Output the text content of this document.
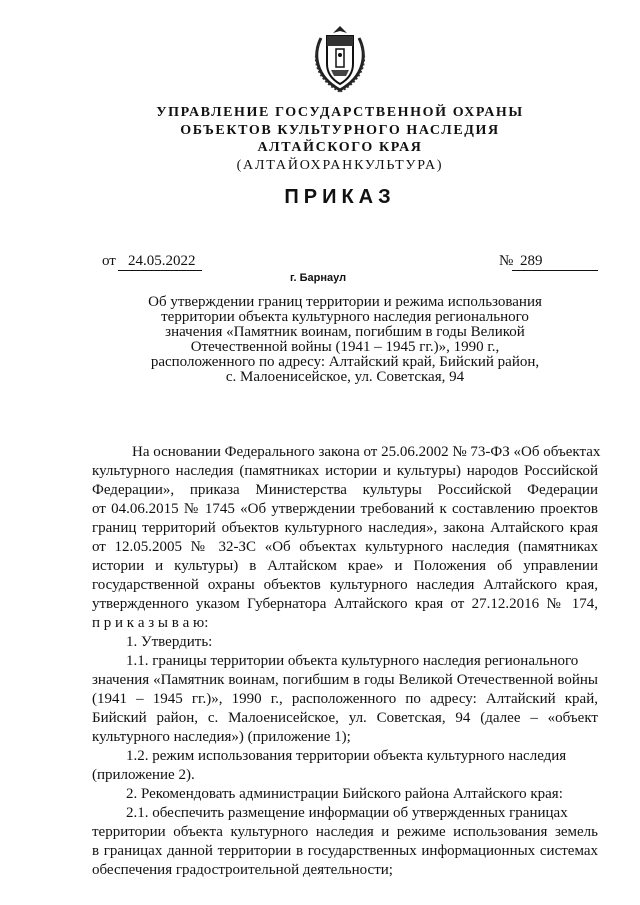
УПРАВЛЕНИЕ ГОСУДАРСТВЕННОЙ ОХРАНЫ
ОБЪЕКТОВ КУЛЬТУРНОГО НАСЛЕДИЯ
АЛТАЙСКОГО КРАЯ
(АЛТАЙОХРАНКУЛЬТУРА)
ПРИКАЗ
от 24.05.2022	№ 289
г. Барнаул
Об утверждении границ территории и режима использования
территории объекта культурного наследия регионального
значения «Памятник воинам, погибшим в годы Великой
Отечественной войны (1941 – 1945 гг.)», 1990 г.,
расположенного по адресу: Алтайский край, Бийский район,
с. Малоенисейское, ул. Советская, 94
На основании Федерального закона от 25.06.2002 № 73-ФЗ «Об объектах
культурного наследия (памятниках истории и культуры) народов Российской
Федерации», приказа Министерства культуры Российской Федерации
от 04.06.2015 № 1745 «Об утверждении требований к составлению проектов
границ территорий объектов культурного наследия», закона Алтайского края
от 12.05.2005 № 32-ЗС «Об объектах культурного наследия (памятниках
истории и культуры) в Алтайском крае» и Положения об управлении
государственной охраны объектов культурного наследия Алтайского края,
утвержденного указом Губернатора Алтайского края от 27.12.2016 № 174,
п р и к а з ы в а ю:
1. Утвердить:
1.1. границы территории объекта культурного наследия регионального
значения «Памятник воинам, погибшим в годы Великой Отечественной войны
(1941 – 1945 гг.)», 1990 г., расположенного по адресу: Алтайский край,
Бийский район, с. Малоенисейское, ул. Советская, 94 (далее – «объект
культурного наследия») (приложение 1);
1.2. режим использования территории объекта культурного наследия
(приложение 2).
2. Рекомендовать администрации Бийского района Алтайского края:
2.1. обеспечить размещение информации об утвержденных границах
территории объекта культурного наследия и режиме использования земель
в границах данной территории в государственных информационных системах
обеспечения градостроительной деятельности;
